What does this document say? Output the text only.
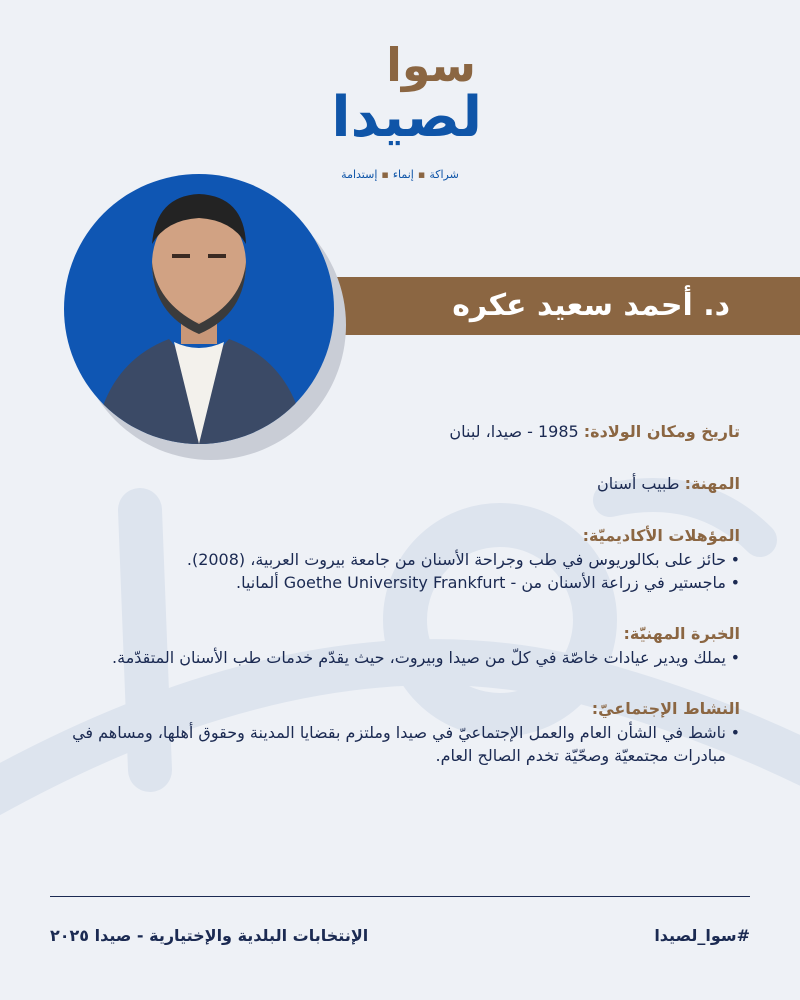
سوا
لصيدا
شراكة▪إنماء▪إستدامة
د. أحمد سعيد عكره
تاريخ ومكان الولادة: 1985 - صيدا، لبنان
المهنة: طبيب أسنان
المؤهلات الأكاديميّة:
• حائز على بكالوريوس في طب وجراحة الأسنان من جامعة بيروت العربية، (2008).
• ماجستير في زراعة الأسنان من - Goethe University Frankfurt ألمانيا.
الخبرة المهنيّة:
• يملك ويدير عيادات خاصّة في كلّ من صيدا وبيروت، حيث يقدّم خدمات طب الأسنان المتقدّمة.
النشاط الإجتماعيّ:
• ناشط في الشأن العام والعمل الإجتماعيّ في صيدا وملتزم بقضايا المدينة وحقوق أهلها، ومساهم في مبادرات مجتمعيّة وصحّيّة تخدم الصالح العام.
#سوا_لصيدا
الإنتخابات البلدية والإختيارية - صيدا ٢٠٢٥
